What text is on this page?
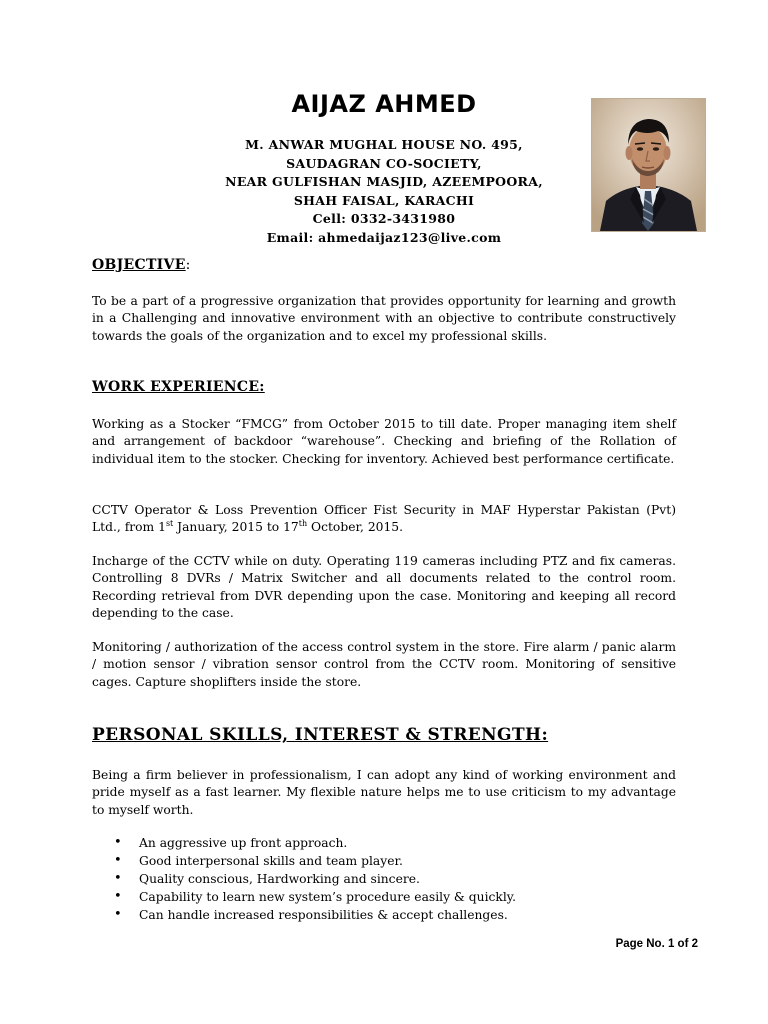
AIJAZ AHMED
M. ANWAR MUGHAL HOUSE NO. 495,
SAUDAGRAN CO-SOCIETY,
NEAR GULFISHAN MASJID, AZEEMPOORA,
SHAH FAISAL, KARACHI
Cell: 0332-3431980
Email: ahmedaijaz123@live.com
OBJECTIVE:

To be a part of a progressive organization that provides opportunity for learning and growth in a Challenging and innovative environment with an objective to contribute constructively towards the goals of the organization and to excel my professional skills.

WORK EXPERIENCE:

Working as a Stocker “FMCG” from October 2015 to till date. Proper managing item shelf and arrangement of backdoor “warehouse”. Checking and briefing of the Rollation of individual item to the stocker. Checking for inventory. Achieved best performance certificate.

CCTV Operator & Loss Prevention Officer Fist Security in MAF Hyperstar Pakistan (Pvt) Ltd., from 1st January, 2015 to 17th October, 2015.

Incharge of the CCTV while on duty. Operating 119 cameras including PTZ and fix cameras. Controlling 8 DVRs / Matrix Switcher and all documents related to the control room. Recording retrieval from DVR depending upon the case. Monitoring and keeping all record depending to the case.

Monitoring / authorization of the access control system in the store. Fire alarm / panic alarm / motion sensor / vibration sensor control from the CCTV room. Monitoring of sensitive cages. Capture shoplifters inside the store.

PERSONAL SKILLS, INTEREST & STRENGTH:

Being a firm believer in professionalism, I can adopt any kind of working environment and pride myself as a fast learner. My flexible nature helps me to use criticism to my advantage to myself worth.

• An aggressive up front approach.
• Good interpersonal skills and team player.
• Quality conscious, Hardworking and sincere.
• Capability to learn new system’s procedure easily & quickly.
• Can handle increased responsibilities & accept challenges.
Page No. 1 of 2
